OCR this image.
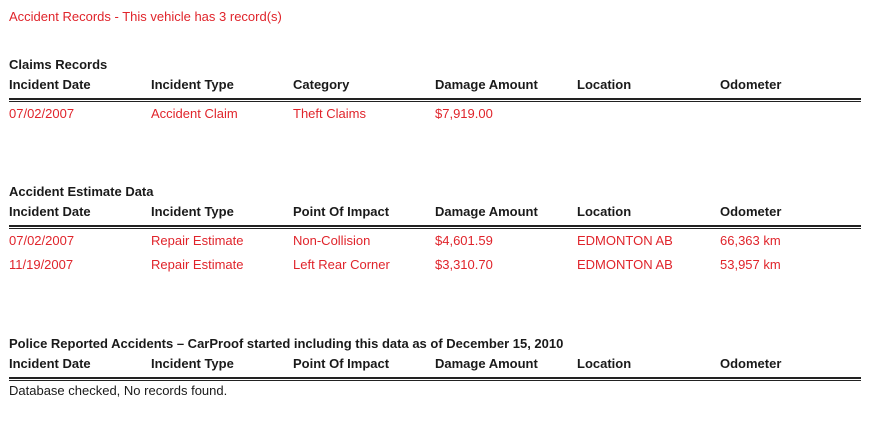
Accident Records - This vehicle has 3 record(s)
Claims Records
Incident Date	Incident Type	Category	Damage Amount	Location	Odometer
07/02/2007	Accident Claim	Theft Claims	$7,919.00
Accident Estimate Data
Incident Date	Incident Type	Point Of Impact	Damage Amount	Location	Odometer
07/02/2007	Repair Estimate	Non-Collision	$4,601.59	EDMONTON AB	66,363 km
11/19/2007	Repair Estimate	Left Rear Corner	$3,310.70	EDMONTON AB	53,957 km
Police Reported Accidents – CarProof started including this data as of December 15, 2010
Incident Date	Incident Type	Point Of Impact	Damage Amount	Location	Odometer
Database checked, No records found.
